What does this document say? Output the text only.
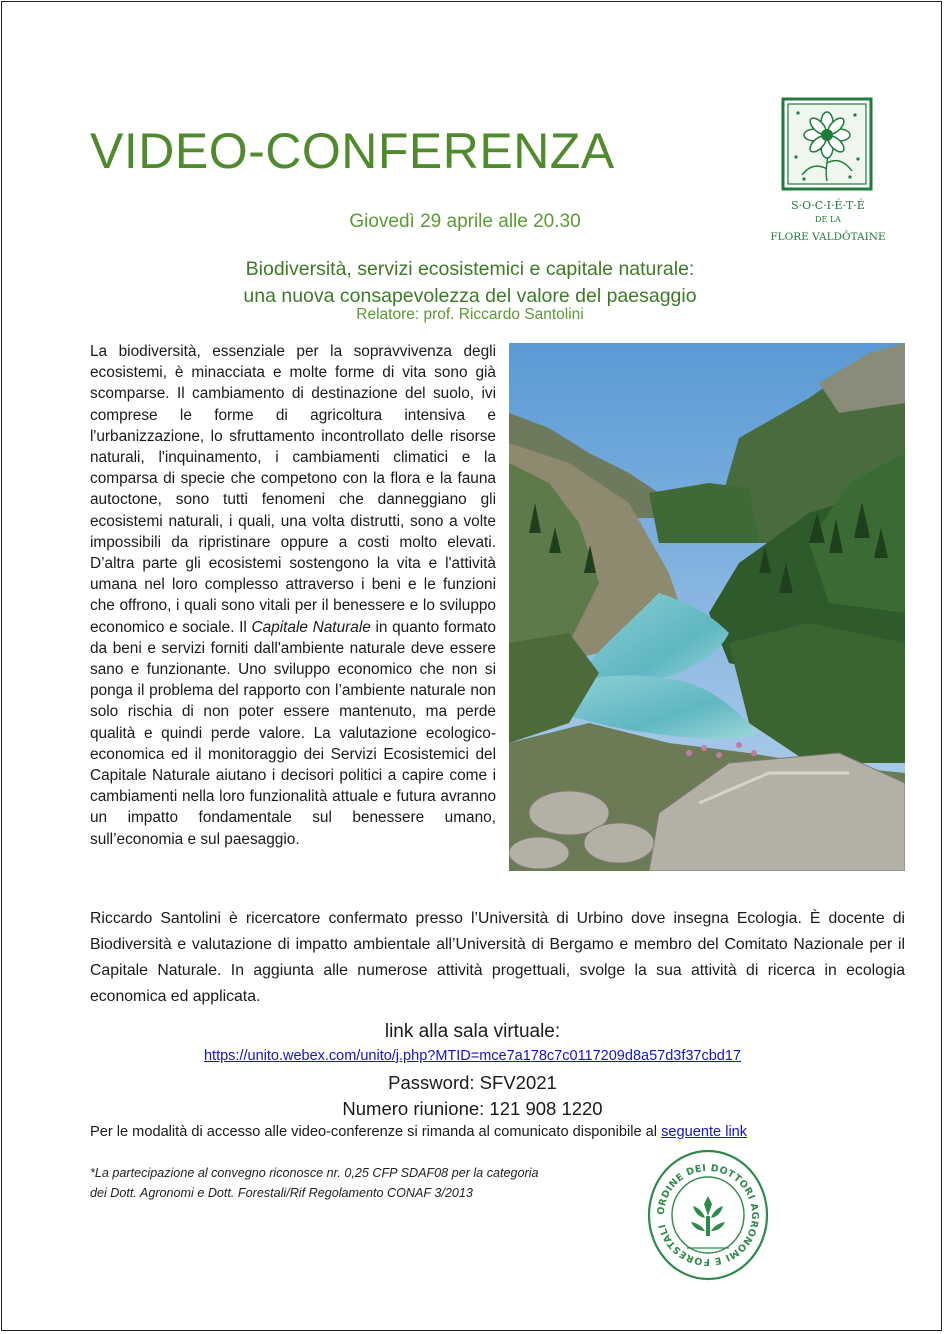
VIDEO-CONFERENZA
S·O·C·I·É·T·É
DE LA
FLORE VALDÔTAINE

Giovedì 29 aprile alle 20.30

Biodiversità, servizi ecosistemici e capitale naturale:
una nuova consapevolezza del valore del paesaggio

Relatore: prof. Riccardo Santolini

La biodiversità, essenziale per la sopravvivenza degli ecosistemi, è minacciata e molte forme di vita sono già scomparse. Il cambiamento di destinazione del suolo, ivi comprese le forme di agricoltura intensiva e l'urbanizzazione, lo sfruttamento incontrollato delle risorse naturali, l'inquinamento, i cambiamenti climatici e la comparsa di specie che competono con la flora e la fauna autoctone, sono tutti fenomeni che danneggiano gli ecosistemi naturali, i quali, una volta distrutti, sono a volte impossibili da ripristinare oppure a costi molto elevati. D’altra parte gli ecosistemi sostengono la vita e l'attività umana nel loro complesso attraverso i beni e le funzioni che offrono, i quali sono vitali per il benessere e lo sviluppo economico e sociale. Il Capitale Naturale in quanto formato da beni e servizi forniti dall'ambiente naturale deve essere sano e funzionante. Uno sviluppo economico che non si ponga il problema del rapporto con l’ambiente naturale non solo rischia di non poter essere mantenuto, ma perde qualità e quindi perde valore. La valutazione ecologico-economica ed il monitoraggio dei Servizi Ecosistemici del Capitale Naturale aiutano i decisori politici a capire come i cambiamenti nella loro funzionalità attuale e futura avranno un impatto fondamentale sul benessere umano, sull’economia e sul paesaggio.

Riccardo Santolini è ricercatore confermato presso l’Università di Urbino dove insegna Ecologia. È docente di Biodiversità e valutazione di impatto ambientale all’Università di Bergamo e membro del Comitato Nazionale per il Capitale Naturale. In aggiunta alle numerose attività progettuali, svolge la sua attività di ricerca in ecologia economica ed applicata.

link alla sala virtuale:

https://unito.webex.com/unito/j.php?MTID=mce7a178c7c0117209d8a57d3f37cbd17

Password: SFV2021

Numero riunione: 121 908 1220

Per le modalità di accesso alle video-conferenze si rimanda al comunicato disponibile al seguente link

*La partecipazione al convegno riconosce nr. 0,25 CFP SDAF08 per la categoria
dei Dott. Agronomi e Dott. Forestali/Rif Regolamento CONAF 3/2013

ORDINE DEI DOTTORI AGRONOMI E FORESTALI
